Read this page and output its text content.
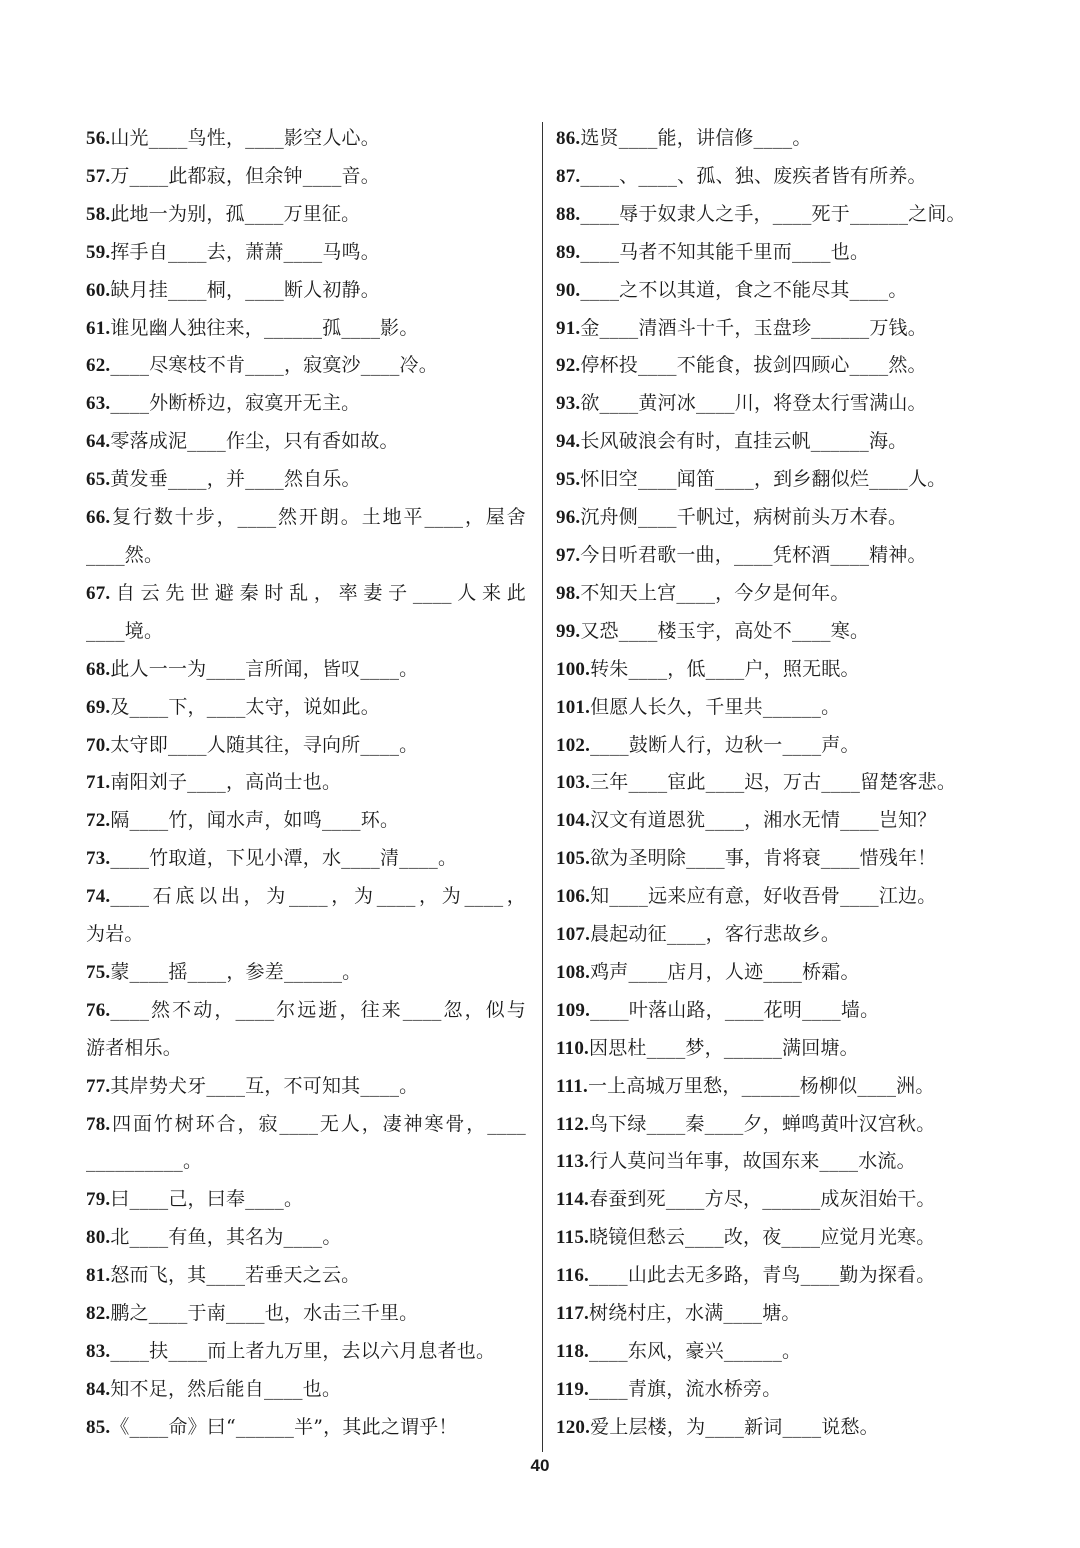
56.山光____鸟性，____影空人心。
57.万____此都寂，但余钟____音。
58.此地一为别，孤____万里征。
59.挥手自____去，萧萧____马鸣。
60.缺月挂____桐，____断人初静。
61.谁见幽人独往来，______孤____影。
62.____尽寒枝不肯____，寂寞沙____冷。
63.____外断桥边，寂寞开无主。
64.零落成泥____作尘，只有香如故。
65.黄发垂____，并____然自乐。
66.复行数十步，____然开朗。土地平____，屋舍
____然。
67.自云先世避秦时乱，率妻子____人来此
____境。
68.此人一一为____言所闻，皆叹____。
69.及____下，____太守，说如此。
70.太守即____人随其往，寻向所____。
71.南阳刘子____，高尚士也。
72.隔____竹，闻水声，如鸣____环。
73.____竹取道，下见小潭，水____清____。
74.____石底以出，为____，为____，为____，
为岩。
75.蒙____摇____，参差______。
76.____然不动，____尔远逝，往来____忽，似与
游者相乐。
77.其岸势犬牙____互，不可知其____。
78.四面竹树环合，寂____无人，凄神寒骨，____
__________。
79.曰____己，曰奉____。
80.北____有鱼，其名为____。
81.怒而飞，其____若垂天之云。
82.鹏之____于南____也，水击三千里。
83.____扶____而上者九万里，去以六月息者也。
84.知不足，然后能自____也。
85.《____命》曰“______半”，其此之谓乎！
86.选贤____能，讲信修____。
87.____、____、孤、独、废疾者皆有所养。
88.____辱于奴隶人之手，____死于______之间。
89.____马者不知其能千里而____也。
90.____之不以其道，食之不能尽其____。
91.金____清酒斗十千，玉盘珍______万钱。
92.停杯投____不能食，拔剑四顾心____然。
93.欲____黄河冰____川，将登太行雪满山。
94.长风破浪会有时，直挂云帆______海。
95.怀旧空____闻笛____，到乡翻似烂____人。
96.沉舟侧____千帆过，病树前头万木春。
97.今日听君歌一曲，____凭杯酒____精神。
98.不知天上宫____，今夕是何年。
99.又恐____楼玉宇，高处不____寒。
100.转朱____，低____户，照无眠。
101.但愿人长久，千里共______。
102.____鼓断人行，边秋一____声。
103.三年____宦此____迟，万古____留楚客悲。
104.汉文有道恩犹____，湘水无情____岂知？
105.欲为圣明除____事，肯将衰____惜残年！
106.知____远来应有意，好收吾骨____江边。
107.晨起动征____，客行悲故乡。
108.鸡声____店月，人迹____桥霜。
109.____叶落山路，____花明____墙。
110.因思杜____梦，______满回塘。
111.一上高城万里愁，______杨柳似____洲。
112.鸟下绿____秦____夕，蝉鸣黄叶汉宫秋。
113.行人莫问当年事，故国东来____水流。
114.春蚕到死____方尽，______成灰泪始干。
115.晓镜但愁云____改，夜____应觉月光寒。
116.____山此去无多路，青鸟____勤为探看。
117.树绕村庄，水满____塘。
118.____东风，豪兴______。
119.____青旗，流水桥旁。
120.爱上层楼，为____新词____说愁。
40
